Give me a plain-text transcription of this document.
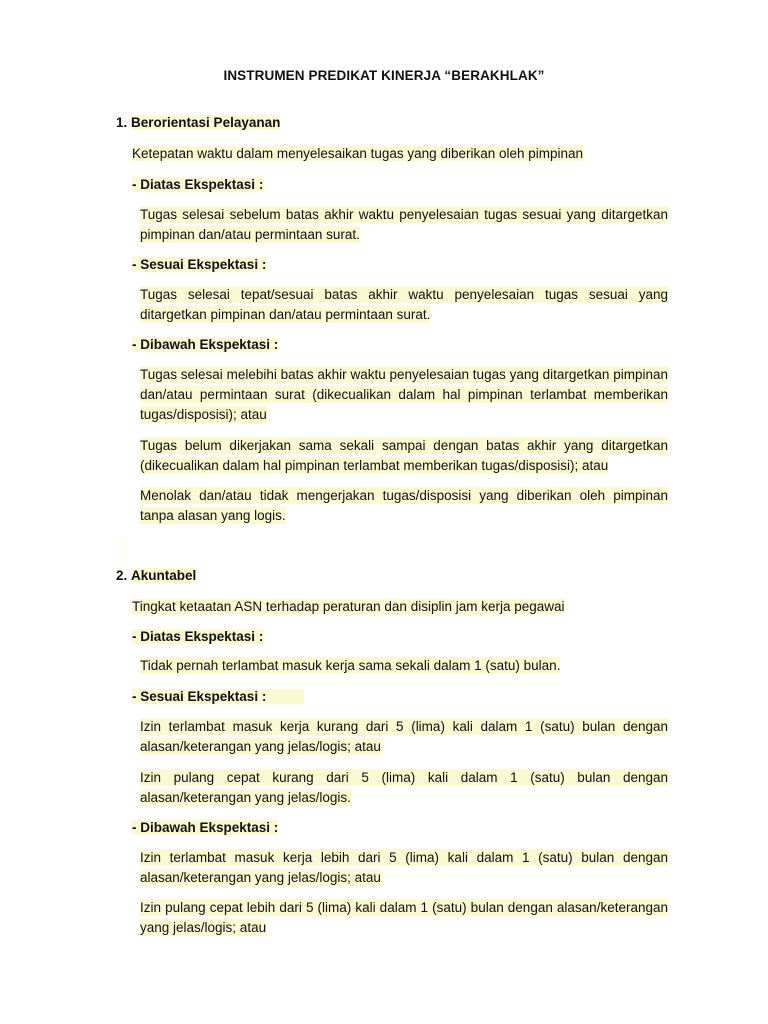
INSTRUMEN PREDIKAT KINERJA “BERAKHLAK”
1. Berorientasi Pelayanan
Ketepatan waktu dalam menyelesaikan tugas yang diberikan oleh pimpinan
- Diatas Ekspektasi :
Tugas selesai sebelum batas akhir waktu penyelesaian tugas sesuai yang ditargetkan pimpinan dan/atau permintaan surat.
- Sesuai Ekspektasi :
Tugas selesai tepat/sesuai batas akhir waktu penyelesaian tugas sesuai yang ditargetkan pimpinan dan/atau permintaan surat.
- Dibawah Ekspektasi :
Tugas selesai melebihi batas akhir waktu penyelesaian tugas yang ditargetkan pimpinan dan/atau permintaan surat (dikecualikan dalam hal pimpinan terlambat memberikan tugas/disposisi); atau
Tugas belum dikerjakan sama sekali sampai dengan batas akhir yang ditargetkan (dikecualikan dalam hal pimpinan terlambat memberikan tugas/disposisi); atau
Menolak dan/atau tidak mengerjakan tugas/disposisi yang diberikan oleh pimpinan tanpa alasan yang logis.
2. Akuntabel
Tingkat ketaatan ASN terhadap peraturan dan disiplin jam kerja pegawai
- Diatas Ekspektasi :
Tidak pernah terlambat masuk kerja sama sekali dalam 1 (satu) bulan.
- Sesuai Ekspektasi :
Izin terlambat masuk kerja kurang dari 5 (lima) kali dalam 1 (satu) bulan dengan alasan/keterangan yang jelas/logis; atau
Izin pulang cepat kurang dari 5 (lima) kali dalam 1 (satu) bulan dengan alasan/keterangan yang jelas/logis.
- Dibawah Ekspektasi :
Izin terlambat masuk kerja lebih dari 5 (lima) kali dalam 1 (satu) bulan dengan alasan/keterangan yang jelas/logis; atau
Izin pulang cepat lebih dari 5 (lima) kali dalam 1 (satu) bulan dengan alasan/keterangan yang jelas/logis; atau
